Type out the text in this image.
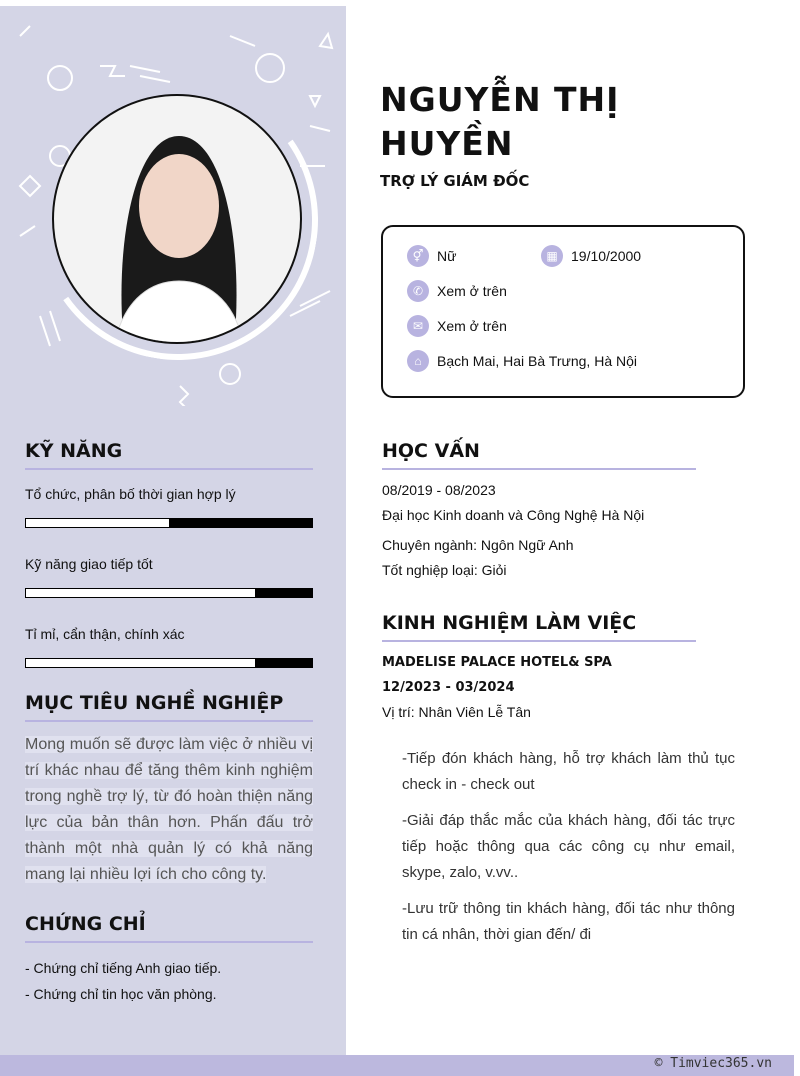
KỸ NĂNG
Tổ chức, phân bố thời gian hợp lý
Kỹ năng giao tiếp tốt
Tỉ mỉ, cẩn thận, chính xác
MỤC TIÊU NGHỀ NGHIỆP
Mong muốn sẽ được làm việc ở nhiều vị trí khác nhau để tăng thêm kinh nghiệm trong nghề trợ lý, từ đó hoàn thiện năng lực của bản thân hơn. Phấn đấu trở thành một nhà quản lý có khả năng mang lại nhiều lợi ích cho công ty.
CHỨNG CHỈ
- Chứng chỉ tiếng Anh giao tiếp.
- Chứng chỉ tin học văn phòng.
NGUYỄN THỊ HUYỀN
TRỢ LÝ GIÁM ĐỐC
⚥ Nữ	▦ 19/10/2000
✆ Xem ở trên
✉ Xem ở trên
⌂	Bạch Mai, Hai Bà Trưng, Hà Nội
HỌC VẤN
08/2019 - 08/2023
Đại học Kinh doanh và Công Nghệ Hà Nội
Chuyên ngành: Ngôn Ngữ Anh
Tốt nghiệp loại: Giỏi
KINH NGHIỆM LÀM VIỆC
MADELISE PALACE HOTEL& SPA
12/2023 - 03/2024
Vị trí: Nhân Viên Lễ Tân
-Tiếp đón khách hàng, hỗ trợ khách làm thủ tục check in - check out
-Giải đáp thắc mắc của khách hàng, đối tác trực tiếp hoặc thông qua các công cụ như email, skype, zalo, v.vv..
-Lưu trữ thông tin khách hàng, đối tác như thông tin cá nhân, thời gian đến/ đi
© Timviec365.vn
